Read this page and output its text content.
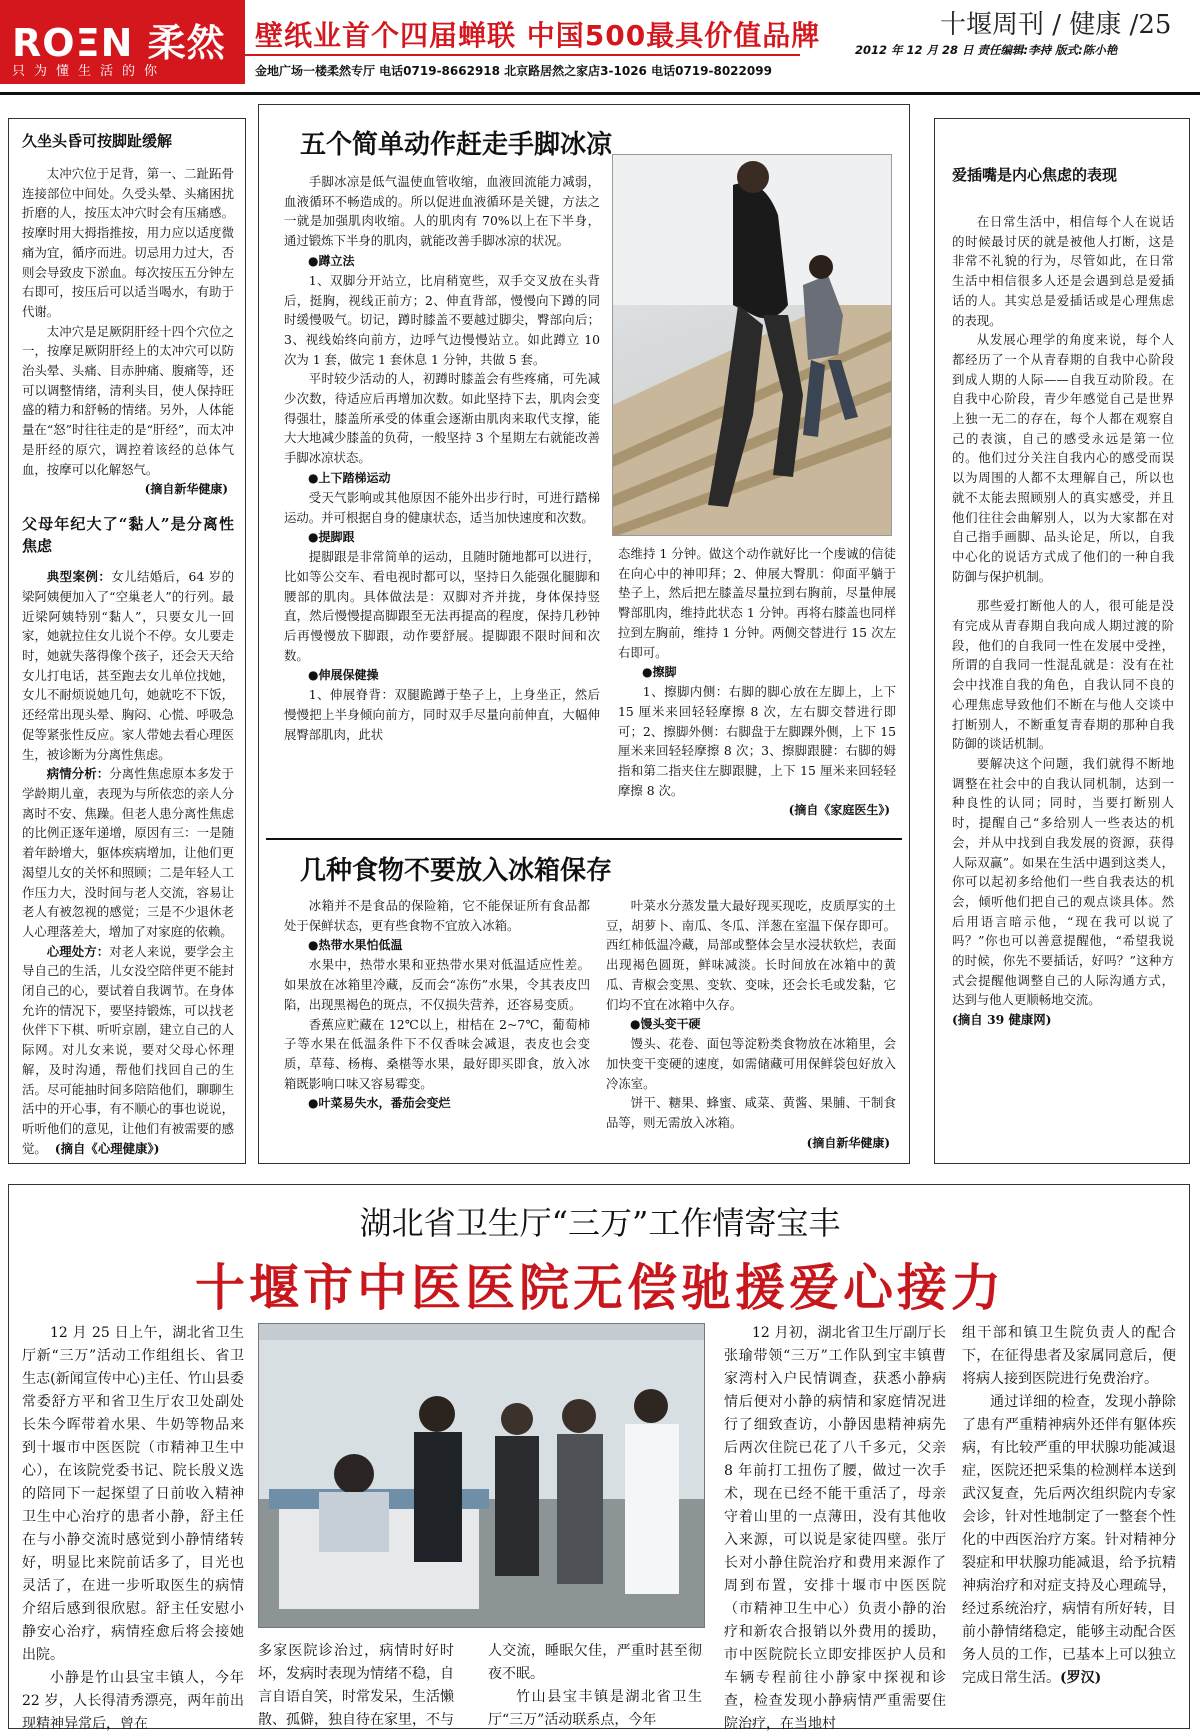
ROΞN 柔然
只为懂生活的你
壁纸业首个四届蝉联 中国500最具价值品牌
金地广场一楼柔然专厅 电话0719-8662918 北京路居然之家店3-1026 电话0719-8022099
十堰周刊 / 健康 /25
2012 年 12 月 28 日 责任编辑:李持 版式:陈小艳
久坐头昏可按脚趾缓解

太冲穴位于足背，第一、二趾跖骨连接部位中间处。久受头晕、头痛困扰折磨的人，按压太冲穴时会有压痛感。按摩时用大拇指推按，用力应以适度微痛为宜，循序而进。切忌用力过大，否则会导致皮下淤血。每次按压五分钟左右即可，按压后可以适当喝水，有助于代谢。

太冲穴是足厥阴肝经十四个穴位之一，按摩足厥阴肝经上的太冲穴可以防治头晕、头痛、目赤肿痛、腹痛等，还可以调整情绪，清利头目，使人保持旺盛的精力和舒畅的情绪。另外，人体能量在“怒”时往往走的是“肝经”，而太冲是肝经的原穴，调控着该经的总体气血，按摩可以化解怒气。

(摘自新华健康)
父母年纪大了“黏人”是分离性焦虑

典型案例：女儿结婚后，64 岁的梁阿姨便加入了“空巢老人”的行列。最近梁阿姨特别“黏人”，只要女儿一回家，她就拉住女儿说个不停。女儿要走时，她就失落得像个孩子，还会天天给女儿打电话，甚至跑去女儿单位找她，女儿不耐烦说她几句，她就吃不下饭，还经常出现头晕、胸闷、心慌、呼吸急促等紧张性反应。家人带她去看心理医生，被诊断为分离性焦虑。

病情分析：分离性焦虑原本多发于学龄期儿童，表现为与所依恋的亲人分离时不安、焦躁。但老人患分离性焦虑的比例正逐年递增，原因有三：一是随着年龄增大，躯体疾病增加，让他们更渴望儿女的关怀和照顾；二是年轻人工作压力大，没时间与老人交流，容易让老人有被忽视的感觉；三是不少退休老人心理落差大，增加了对家庭的依赖。

心理处方：对老人来说，要学会主导自己的生活，儿女没空陪伴更不能封闭自己的心，要试着自我调节。在身体允许的情况下，要坚持锻炼，可以找老伙伴下下棋、听听京剧，建立自己的人际网。对儿女来说，要对父母心怀理解，及时沟通，帮他们找回自己的生活。尽可能抽时间多陪陪他们，聊聊生活中的开心事，有不顺心的事也说说，听听他们的意见，让他们有被需要的感觉。 (摘自《心理健康》)

五个简单动作赶走手脚冰凉

手脚冰凉是低气温使血管收缩，血液回流能力减弱，血液循环不畅造成的。所以促进血液循环是关键，方法之一就是加强肌肉收缩。人的肌肉有 70%以上在下半身，通过锻炼下半身的肌肉，就能改善手脚冰凉的状况。

●蹲立法

1、双脚分开站立，比肩稍宽些，双手交叉放在头背后，挺胸，视线正前方；2、伸直背部，慢慢向下蹲的同时缓慢吸气。切记，蹲时膝盖不要越过脚尖，臀部向后；3、视线始终向前方，边呼气边慢慢站立。如此蹲立 10 次为 1 套，做完 1 套休息 1 分钟，共做 5 套。

平时较少活动的人，初蹲时膝盖会有些疼痛，可先减少次数，待适应后再增加次数。如此坚持下去，肌肉会变得强壮，膝盖所承受的体重会逐渐由肌肉来取代支撑，能大大地减少膝盖的负荷，一般坚持 3 个星期左右就能改善手脚冰凉状态。

●上下踏梯运动

受天气影响或其他原因不能外出步行时，可进行踏梯运动。并可根据自身的健康状态，适当加快速度和次数。

●提脚跟

提脚跟是非常简单的运动，且随时随地都可以进行，比如等公交车、看电视时都可以，坚持日久能强化腿脚和腰部的肌肉。具体做法是：双脚对齐并拢，身体保持竖直，然后慢慢提高脚跟至无法再提高的程度，保持几秒钟后再慢慢放下脚跟，动作要舒展。提脚跟不限时间和次数。

●伸展保健操

1、伸展脊背：双腿跪蹲于垫子上，上身坐正，然后慢慢把上半身倾向前方，同时双手尽量向前伸直，大幅伸展臀部肌肉，此状

态维持 1 分钟。做这个动作就好比一个虔诚的信徒在向心中的神叩拜；2、伸展大臀肌：仰面平躺于垫子上，然后把左膝盖尽量拉到右胸前，尽量伸展臀部肌肉，维持此状态 1 分钟。再将右膝盖也同样拉到左胸前，维持 1 分钟。两侧交替进行 15 次左右即可。

●擦脚

1、擦脚内侧：右脚的脚心放在左脚上，上下 15 厘米来回轻轻摩擦 8 次，左右脚交替进行即可；2、擦脚外侧：右脚盘于左脚踝外侧，上下 15 厘米来回轻轻摩擦 8 次；3、擦脚跟腱：右脚的姆指和第二指夹住左脚跟腱，上下 15 厘米来回轻轻摩擦 8 次。

(摘自《家庭医生》)
几种食物不要放入冰箱保存

冰箱并不是食品的保险箱，它不能保证所有食品都处于保鲜状态，更有些食物不宜放入冰箱。

●热带水果怕低温

水果中，热带水果和亚热带水果对低温适应性差。如果放在冰箱里冷藏，反而会“冻伤”水果，令其表皮凹陷，出现黑褐色的斑点，不仅损失营养，还容易变质。

香蕉应贮藏在 12℃以上，柑桔在 2~7℃，葡萄柿子等水果在低温条件下不仅香味会减退，表皮也会变质，草莓、杨梅、桑椹等水果，最好即买即食，放入冰箱既影响口味又容易霉变。

●叶菜易失水，番茄会变烂

叶菜水分蒸发量大最好现买现吃，皮质厚实的土豆，胡萝卜、南瓜、冬瓜、洋葱在室温下保存即可。西红柿低温冷藏，局部或整体会呈水浸状软烂，表面出现褐色圆斑，鲜味减淡。长时间放在冰箱中的黄瓜、青椒会变黑、变软、变味，还会长毛或发黏，它们均不宜在冰箱中久存。

●馒头变干硬

馒头、花卷、面包等淀粉类食物放在冰箱里，会加快变干变硬的速度，如需储藏可用保鲜袋包好放入冷冻室。

饼干、糖果、蜂蜜、咸菜、黄酱、果脯、干制食品等，则无需放入冰箱。

(摘自新华健康)
爱插嘴是内心焦虑的表现

在日常生活中，相信每个人在说话的时候最讨厌的就是被他人打断，这是非常不礼貌的行为，尽管如此，在日常生活中相信很多人还是会遇到总是爱插话的人。其实总是爱插话或是心理焦虑的表现。

从发展心理学的角度来说，每个人都经历了一个从青春期的自我中心阶段到成人期的人际——自我互动阶段。在自我中心阶段，青少年感觉自己是世界上独一无二的存在，每个人都在观察自己的表演，自己的感受永远是第一位的。他们过分关注自我内心的感受而误以为周围的人都不太理解自己，所以也就不太能去照顾别人的真实感受，并且他们往往会曲解别人，以为大家都在对自己指手画脚、品头论足，所以，自我中心化的说话方式成了他们的一种自我防御与保护机制。

那些爱打断他人的人，很可能是没有完成从青春期自我向成人期过渡的阶段，他们的自我同一性在发展中受挫，所谓的自我同一性混乱就是：没有在社会中找准自我的角色，自我认同不良的心理焦虑导致他们不断在与他人交谈中打断别人，不断重复青春期的那种自我防御的谈话机制。

要解决这个问题，我们就得不断地调整在社会中的自我认同机制，达到一种良性的认同；同时，当要打断别人时，提醒自己“多给别人一些表达的机会，并从中找到自我发展的资源，获得人际双赢”。如果在生活中遇到这类人，你可以起初多给他们一些自我表达的机会，倾听他们把自己的观点谈具体。然后用语言暗示他，“现在我可以说了吗？”你也可以善意提醒他，“希望我说的时候，你先不要插话，好吗？”这种方式会提醒他调整自己的人际沟通方式，达到与他人更顺畅地交流。

(摘自 39 健康网)
湖北省卫生厅“三万”工作情寄宝丰
十堰市中医医院无偿驰援爱心接力

12 月 25 日上午，湖北省卫生厅新“三万”活动工作组组长、省卫生志(新闻宣传中心)主任、竹山县委常委舒方平和省卫生厅农卫处副处长朱今晖带着水果、牛奶等物品来到十堰市中医医院（市精神卫生中心），在该院党委书记、院长殷义选的陪同下一起探望了日前收入精神卫生中心治疗的患者小静，舒主任在与小静交流时感觉到小静情绪转好，明显比来院前话多了，目光也灵活了，在进一步听取医生的病情介绍后感到很欣慰。舒主任安慰小静安心治疗，病情痊愈后将会接她出院。

小静是竹山县宝丰镇人，今年 22 岁，人长得清秀漂亮，两年前出现精神异常后，曾在

多家医院诊治过，病情时好时坏，发病时表现为情绪不稳，自言自语自笑，时常发呆，生活懒散、孤僻，独自待在家里，不与

人交流，睡眠欠佳，严重时甚至彻夜不眠。

竹山县宝丰镇是湖北省卫生厅“三万”活动联系点，今年

12 月初，湖北省卫生厅副厅长张瑜带领“三万”工作队到宝丰镇曹家湾村入户民情调查，获悉小静病情后便对小静的病情和家庭情况进行了细致查访，小静因患精神病先后两次住院已花了八千多元，父亲 8 年前打工扭伤了腰，做过一次手术，现在已经不能干重活了，母亲守着山里的一点薄田，没有其他收入来源，可以说是家徒四壁。张厅长对小静住院治疗和费用来源作了周到布置，安排十堰市中医医院（市精神卫生中心）负责小静的治疗和新农合报销以外费用的援助，市中医院院长立即安排医护人员和车辆专程前往小静家中探视和诊查，检查发现小静病情严重需要住院治疗，在当地村

组干部和镇卫生院负责人的配合下，在征得患者及家属同意后，便将病人接到医院进行免费治疗。

通过详细的检查，发现小静除了患有严重精神病外还伴有躯体疾病，有比较严重的甲状腺功能减退症，医院还把采集的检测样本送到武汉复查，先后两次组织院内专家会诊，针对性地制定了一整套个性化的中西医治疗方案。针对精神分裂症和甲状腺功能减退，给予抗精神病治疗和对症支持及心理疏导，经过系统治疗，病情有所好转，目前小静情绪稳定，能够主动配合医务人员的工作，已基本上可以独立完成日常生活。(罗汉)
